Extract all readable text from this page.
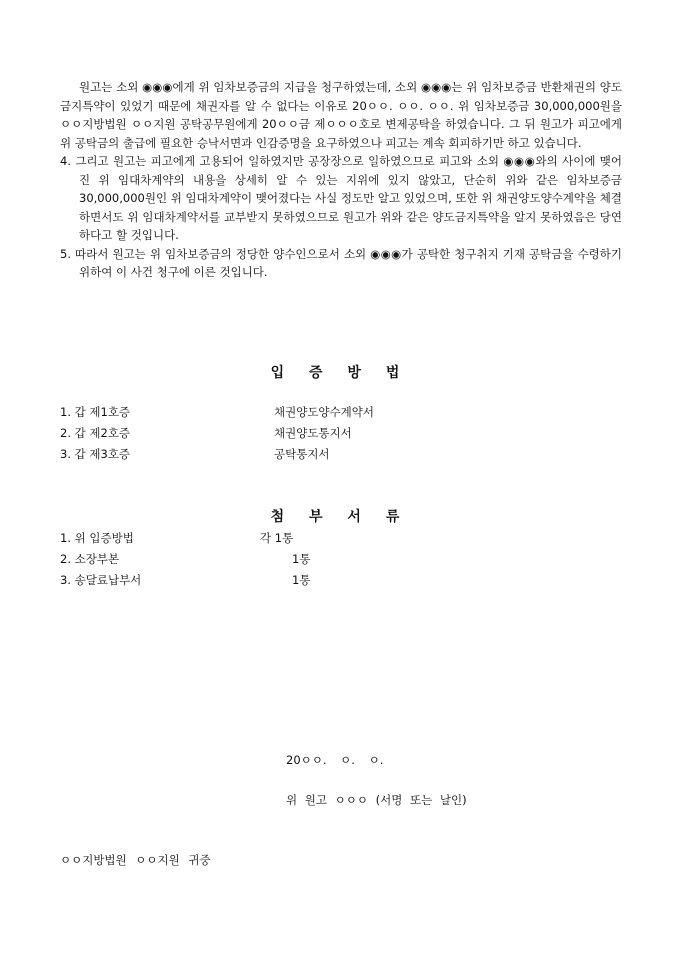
원고는 소외 ◉◉◉에게 위 임차보증금의 지급을 청구하였는데, 소외 ◉◉◉는 위 임차보증금 반환채권의 양도금지특약이 있었기 때문에 채권자를 알 수 없다는 이유로 20ㅇㅇ. ㅇㅇ. ㅇㅇ. 위 임차보증금 30,000,000원을 ㅇㅇ지방법원 ㅇㅇ지원 공탁공무원에게 20ㅇㅇ금 제ㅇㅇㅇ호로 변제공탁을 하였습니다. 그 뒤 원고가 피고에게 위 공탁금의 출급에 필요한 승낙서면과 인감증명을 요구하였으나 피고는 계속 회피하기만 하고 있습니다.

4. 그리고 원고는 피고에게 고용되어 일하였지만 공장장으로 일하였으므로 피고와 소외 ◉◉◉와의 사이에 맺어진 위 임대차계약의 내용을 상세히 알 수 있는 지위에 있지 않았고, 단순히 위와 같은 임차보증금 30,000,000원인 위 임대차계약이 맺어졌다는 사실 정도만 알고 있었으며, 또한 위 채권양도양수계약을 체결하면서도 위 임대차계약서를 교부받지 못하였으므로 원고가 위와 같은 양도금지특약을 알지 못하였음은 당연하다고 할 것입니다.

5. 따라서 원고는 위 임차보증금의 정당한 양수인으로서 소외 ◉◉◉가 공탁한 청구취지 기재 공탁금을 수령하기 위하여 이 사건 청구에 이른 것입니다.

입 증 방 법
1. 갑 제1호증	채권양도양수계약서
2. 갑 제2호증	채권양도통지서
3. 갑 제3호증	공탁통지서
첨 부 서 류
1. 위 입증방법	각 1통
2. 소장부본	1통
3. 송달료납부서	1통
20ㅇㅇ. ㅇ. ㅇ.
위 원고 ㅇㅇㅇ (서명 또는 날인)
ㅇㅇ지방법원 ㅇㅇ지원 귀중
